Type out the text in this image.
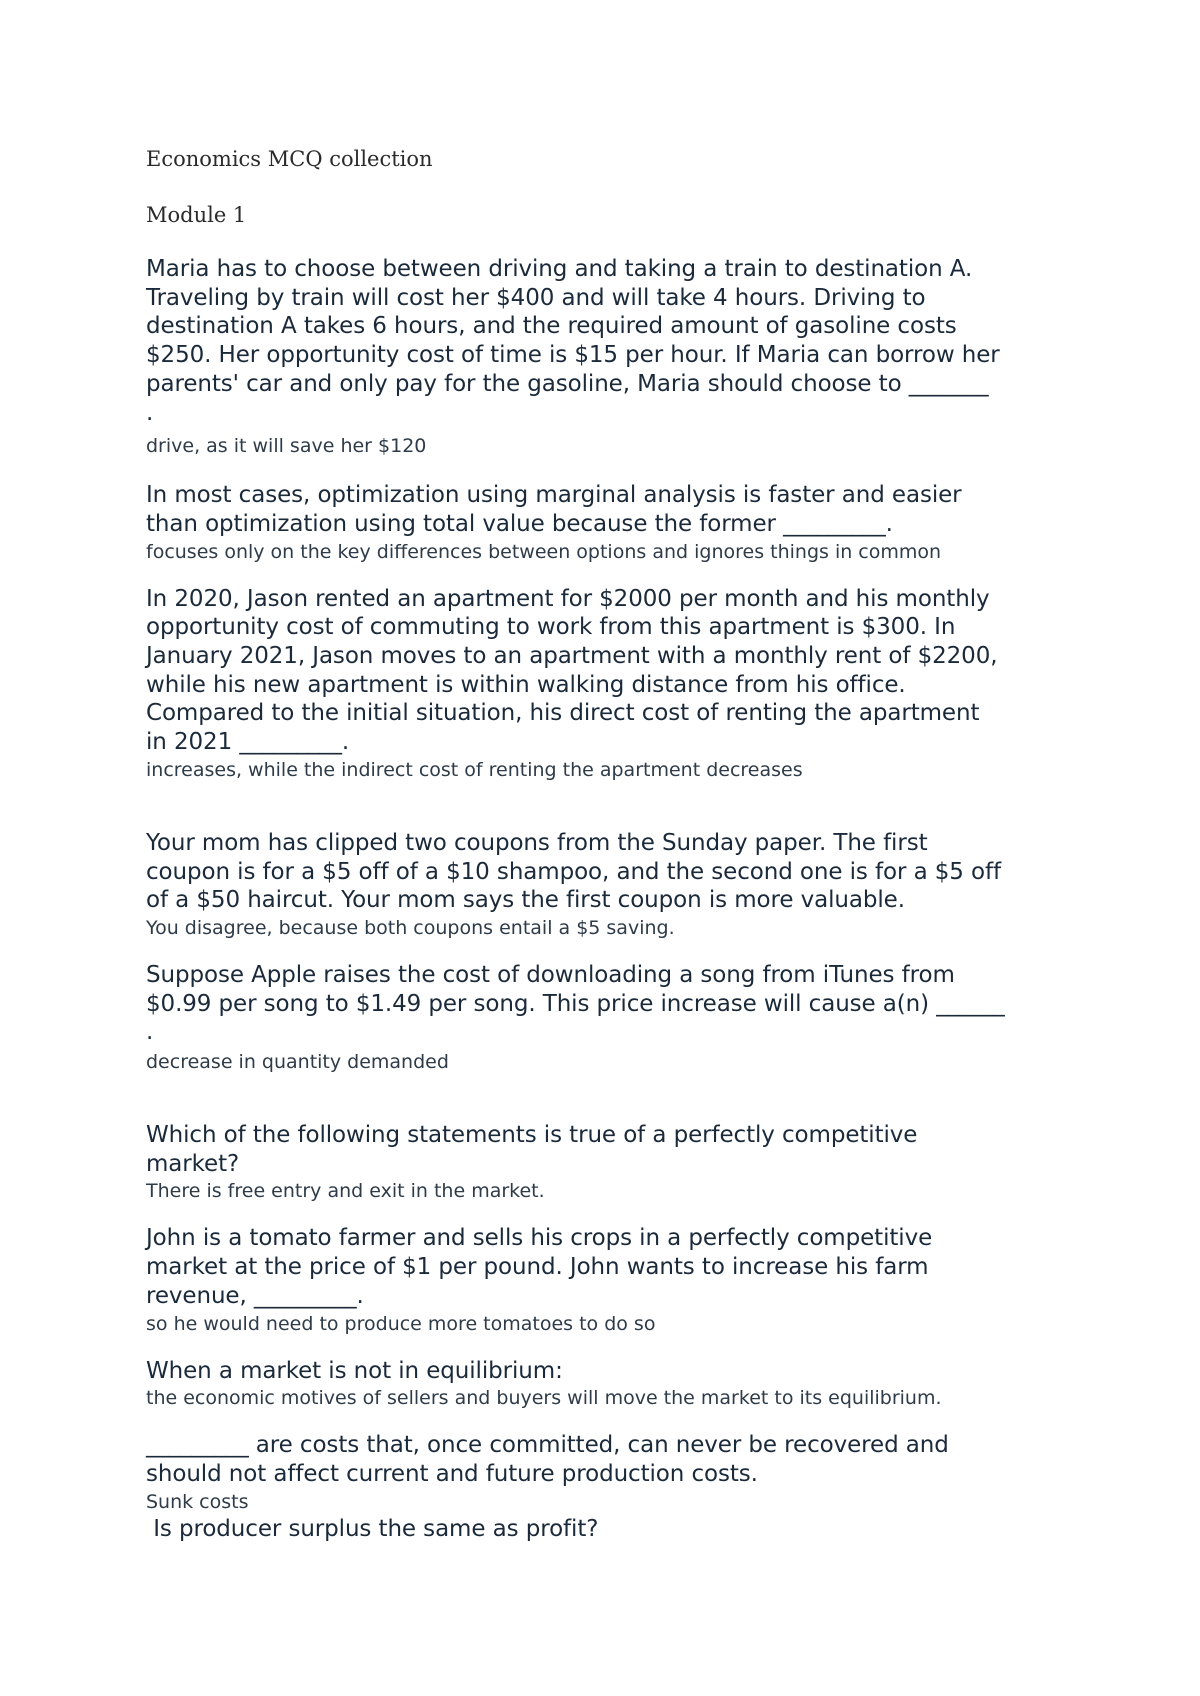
Economics MCQ collection

Module 1

Maria has to choose between driving and taking a train to destination A.
Traveling by train will cost her $400 and will take 4 hours. Driving to
destination A takes 6 hours, and the required amount of gasoline costs
$250. Her opportunity cost of time is $15 per hour. If Maria can borrow her
parents' car and only pay for the gasoline, Maria should choose to _______
.

drive, as it will save her $120

In most cases, optimization using marginal analysis is faster and easier
than optimization using total value because the former _________.

focuses only on the key differences between options and ignores things in common

In 2020, Jason rented an apartment for $2000 per month and his monthly
opportunity cost of commuting to work from this apartment is $300. In
January 2021, Jason moves to an apartment with a monthly rent of $2200,
while his new apartment is within walking distance from his office.
Compared to the initial situation, his direct cost of renting the apartment
in 2021 _________.

increases, while the indirect cost of renting the apartment decreases

Your mom has clipped two coupons from the Sunday paper. The first
coupon is for a $5 off of a $10 shampoo, and the second one is for a $5 off
of a $50 haircut. Your mom says the first coupon is more valuable.

You disagree, because both coupons entail a $5 saving.

Suppose Apple raises the cost of downloading a song from iTunes from
$0.99 per song to $1.49 per song. This price increase will cause a(n) ______
.

decrease in quantity demanded

Which of the following statements is true of a perfectly competitive
market?

There is free entry and exit in the market.

John is a tomato farmer and sells his crops in a perfectly competitive
market at the price of $1 per pound. John wants to increase his farm
revenue, _________.

so he would need to produce more tomatoes to do so

When a market is not in equilibrium:

the economic motives of sellers and buyers will move the market to its equilibrium.

_________ are costs that, once committed, can never be recovered and
should not affect current and future production costs.

Sunk costs

Is producer surplus the same as profit?
